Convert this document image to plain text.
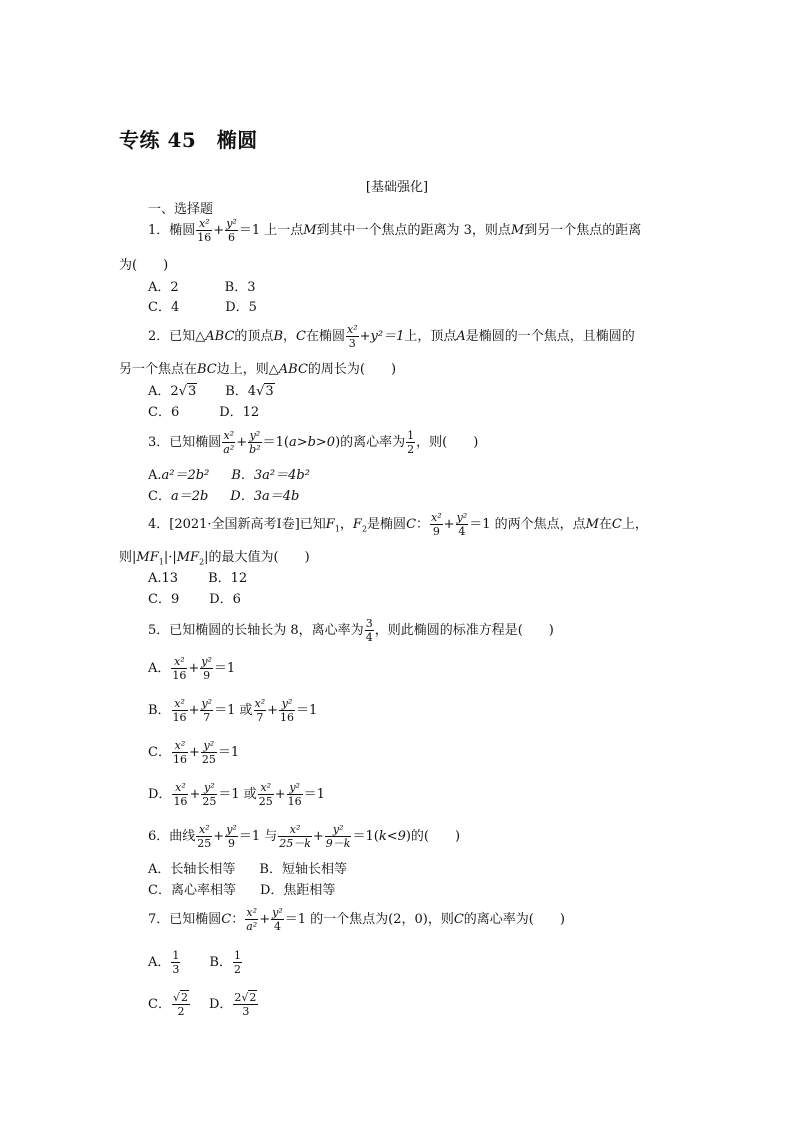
专练 45　椭圆
[基础强化]
一、选择题
1．椭圆 $\frac{\text{x²}}{16} + \frac{\text{y²}}{6} =1$ 上一点M到其中一个焦点的距离为 3，则点M到另一个焦点的距离
为(　　)
A．2	B．3
C．4	D．5
2．已知△ABC的顶点B，C在椭圆 $\frac{\text{x²}}{3} +y^2=1$上，顶点A是椭圆的一个焦点，且椭圆的
另一个焦点在BC边上，则△ABC的周长为(　　)
A．2√3 B．4√3
C．6	D．12
3．已知椭圆 $\frac{\text{x²}}{\text{a²}} + \frac{\text{y²}}{\text{b²}} =1(a>b>0)$的离心率为 $\frac{1}{2}$ ，则(　　)
A.a²＝2b² B．3a²＝4b²
C．a＝2b D．3a＝4b
4．[2021·全国新高考Ⅰ卷]已知$F_1$，$F_2$是椭圆C： $\frac{\text{x²}}{9} + \frac{\text{y²}}{4} =1$ 的两个焦点，点M在C上，
则$|MF_1|\cdot|MF_2|$的最大值为(　　)
A.13 B．12
C．9 D．6
5．已知椭圆的长轴长为 8，离心率为 $\frac{3}{4}$ ，则此椭圆的标准方程是(　　)
A． $\frac{\text{x²}}{16} + \frac{\text{y²}}{9} =1$
B． $\frac{\text{x²}}{16} + \frac{\text{y²}}{7} =1$ 或 $\frac{\text{x²}}{7} + \frac{\text{y²}}{16} =1$
C． $\frac{\text{x²}}{16} + \frac{\text{y²}}{25} =1$
D． $\frac{\text{x²}}{16} + \frac{\text{y²}}{25} =1$ 或 $\frac{\text{x²}}{25} + \frac{\text{y²}}{16} =1$
6．曲线 $\frac{\text{x²}}{25} + \frac{\text{y²}}{9} =1$ 与 $\frac{\text{x²}}{25-k} + \frac{\text{y²}}{9-k} =1(k<9)$的(　　)
A．长轴长相等 B．短轴长相等
C．离心率相等 D．焦距相等
7．已知椭圆C： $\frac{\text{x²}}{\text{a²}} + \frac{\text{y²}}{4} =1$ 的一个焦点为(2，0)，则C的离心率为(　　)
A． $\frac{1}{3}$ B． $\frac{1}{2}$
C． $\frac{√2}{2}$ D． $\frac{2√2}{3}$
